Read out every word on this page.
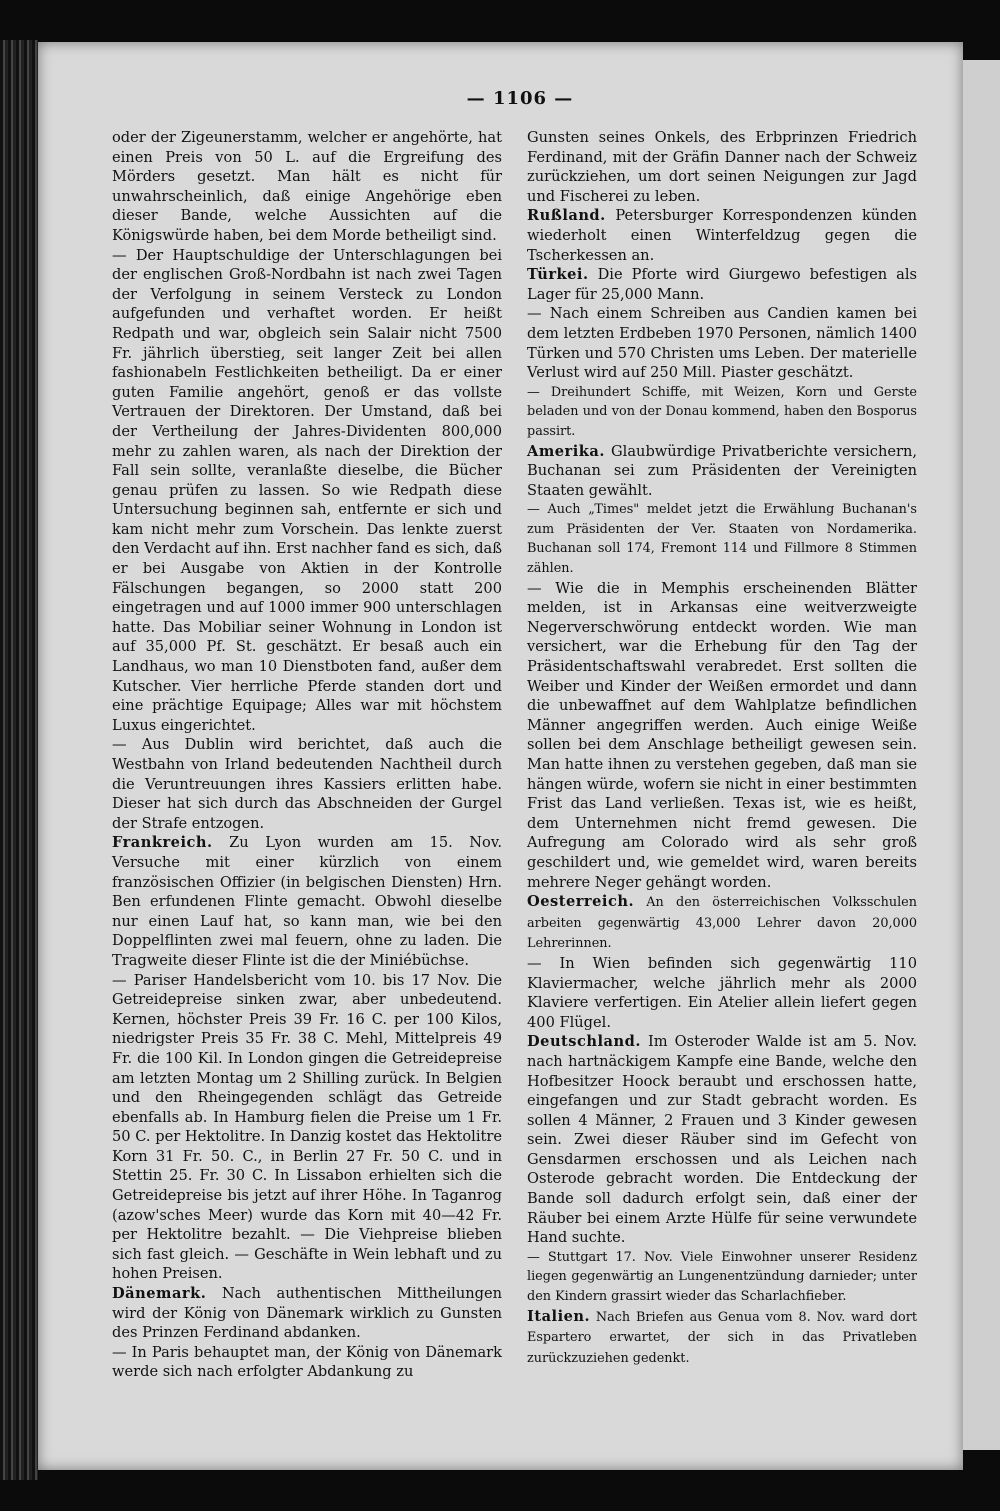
— 1106 —

oder der Zigeunerstamm, welcher er angehörte, hat einen Preis von 50 L. auf die Ergreifung des Mörders gesetzt. Man hält es nicht für unwahrscheinlich, daß einige Angehörige eben dieser Bande, welche Aussichten auf die Königswürde haben, bei dem Morde betheiligt sind.

— Der Hauptschuldige der Unterschlagungen bei der englischen Groß-Nordbahn ist nach zwei Tagen der Verfolgung in seinem Versteck zu London aufgefunden und verhaftet worden. Er heißt Redpath und war, obgleich sein Salair nicht 7500 Fr. jährlich überstieg, seit langer Zeit bei allen fashionabeln Festlichkeiten betheiligt. Da er einer guten Familie angehört, genoß er das vollste Vertrauen der Direktoren. Der Umstand, daß bei der Vertheilung der Jahres-Dividenten 800,000 mehr zu zahlen waren, als nach der Direktion der Fall sein sollte, veranlaßte dieselbe, die Bücher genau prüfen zu lassen. So wie Redpath diese Untersuchung beginnen sah, entfernte er sich und kam nicht mehr zum Vorschein. Das lenkte zuerst den Verdacht auf ihn. Erst nachher fand es sich, daß er bei Ausgabe von Aktien in der Kontrolle Fälschungen begangen, so 2000 statt 200 eingetragen und auf 1000 immer 900 unterschlagen hatte. Das Mobiliar seiner Wohnung in London ist auf 35,000 Pf. St. geschätzt. Er besaß auch ein Landhaus, wo man 10 Dienstboten fand, außer dem Kutscher. Vier herrliche Pferde standen dort und eine prächtige Equipage; Alles war mit höchstem Luxus eingerichtet.

— Aus Dublin wird berichtet, daß auch die Westbahn von Irland bedeutenden Nachtheil durch die Veruntreuungen ihres Kassiers erlitten habe. Dieser hat sich durch das Abschneiden der Gurgel der Strafe entzogen.

Frankreich. Zu Lyon wurden am 15. Nov. Versuche mit einer kürzlich von einem französischen Offizier (in belgischen Diensten) Hrn. Ben erfundenen Flinte gemacht. Obwohl dieselbe nur einen Lauf hat, so kann man, wie bei den Doppelflinten zwei mal feuern, ohne zu laden. Die Tragweite dieser Flinte ist die der Miniébüchse.

— Pariser Handelsbericht vom 10. bis 17 Nov. Die Getreidepreise sinken zwar, aber unbedeutend. Kernen, höchster Preis 39 Fr. 16 C. per 100 Kilos, niedrigster Preis 35 Fr. 38 C. Mehl, Mittelpreis 49 Fr. die 100 Kil. In London gingen die Getreidepreise am letzten Montag um 2 Shilling zurück. In Belgien und den Rheingegenden schlägt das Getreide ebenfalls ab. In Hamburg fielen die Preise um 1 Fr. 50 C. per Hektolitre. In Danzig kostet das Hektolitre Korn 31 Fr. 50. C., in Berlin 27 Fr. 50 C. und in Stettin 25. Fr. 30 C. In Lissabon erhielten sich die Getreidepreise bis jetzt auf ihrer Höhe. In Taganrog (azow'sches Meer) wurde das Korn mit 40—42 Fr. per Hektolitre bezahlt. — Die Viehpreise blieben sich fast gleich. — Geschäfte in Wein lebhaft und zu hohen Preisen.

Dänemark. Nach authentischen Mittheilungen wird der König von Dänemark wirklich zu Gunsten des Prinzen Ferdinand abdanken.

— In Paris behauptet man, der König von Dänemark werde sich nach erfolgter Abdankung zu

Gunsten seines Onkels, des Erbprinzen Friedrich Ferdinand, mit der Gräfin Danner nach der Schweiz zurückziehen, um dort seinen Neigungen zur Jagd und Fischerei zu leben.

Rußland. Petersburger Korrespondenzen künden wiederholt einen Winterfeldzug gegen die Tscherkessen an.

Türkei. Die Pforte wird Giurgewo befestigen als Lager für 25,000 Mann.

— Nach einem Schreiben aus Candien kamen bei dem letzten Erdbeben 1970 Personen, nämlich 1400 Türken und 570 Christen ums Leben. Der materielle Verlust wird auf 250 Mill. Piaster geschätzt.

— Dreihundert Schiffe, mit Weizen, Korn und Gerste beladen und von der Donau kommend, haben den Bosporus passirt.

Amerika. Glaubwürdige Privatberichte versichern, Buchanan sei zum Präsidenten der Vereinigten Staaten gewählt.

— Auch „Times" meldet jetzt die Erwählung Buchanan's zum Präsidenten der Ver. Staaten von Nordamerika. Buchanan soll 174, Fremont 114 und Fillmore 8 Stimmen zählen.

— Wie die in Memphis erscheinenden Blätter melden, ist in Arkansas eine weitverzweigte Negerverschwörung entdeckt worden. Wie man versichert, war die Erhebung für den Tag der Präsidentschaftswahl verabredet. Erst sollten die Weiber und Kinder der Weißen ermordet und dann die unbewaffnet auf dem Wahlplatze befindlichen Männer angegriffen werden. Auch einige Weiße sollen bei dem Anschlage betheiligt gewesen sein. Man hatte ihnen zu verstehen gegeben, daß man sie hängen würde, wofern sie nicht in einer bestimmten Frist das Land verließen. Texas ist, wie es heißt, dem Unternehmen nicht fremd gewesen. Die Aufregung am Colorado wird als sehr groß geschildert und, wie gemeldet wird, waren bereits mehrere Neger gehängt worden.

Oesterreich. An den österreichischen Volksschulen arbeiten gegenwärtig 43,000 Lehrer davon 20,000 Lehrerinnen.

— In Wien befinden sich gegenwärtig 110 Klaviermacher, welche jährlich mehr als 2000 Klaviere verfertigen. Ein Atelier allein liefert gegen 400 Flügel.

Deutschland. Im Osteroder Walde ist am 5. Nov. nach hartnäckigem Kampfe eine Bande, welche den Hofbesitzer Hoock beraubt und erschossen hatte, eingefangen und zur Stadt gebracht worden. Es sollen 4 Männer, 2 Frauen und 3 Kinder gewesen sein. Zwei dieser Räuber sind im Gefecht von Gensdarmen erschossen und als Leichen nach Osterode gebracht worden. Die Entdeckung der Bande soll dadurch erfolgt sein, daß einer der Räuber bei einem Arzte Hülfe für seine verwundete Hand suchte.

— Stuttgart 17. Nov. Viele Einwohner unserer Residenz liegen gegenwärtig an Lungenentzündung darnieder; unter den Kindern grassirt wieder das Scharlachfieber.

Italien. Nach Briefen aus Genua vom 8. Nov. ward dort Espartero erwartet, der sich in das Privatleben zurückzuziehen gedenkt.
